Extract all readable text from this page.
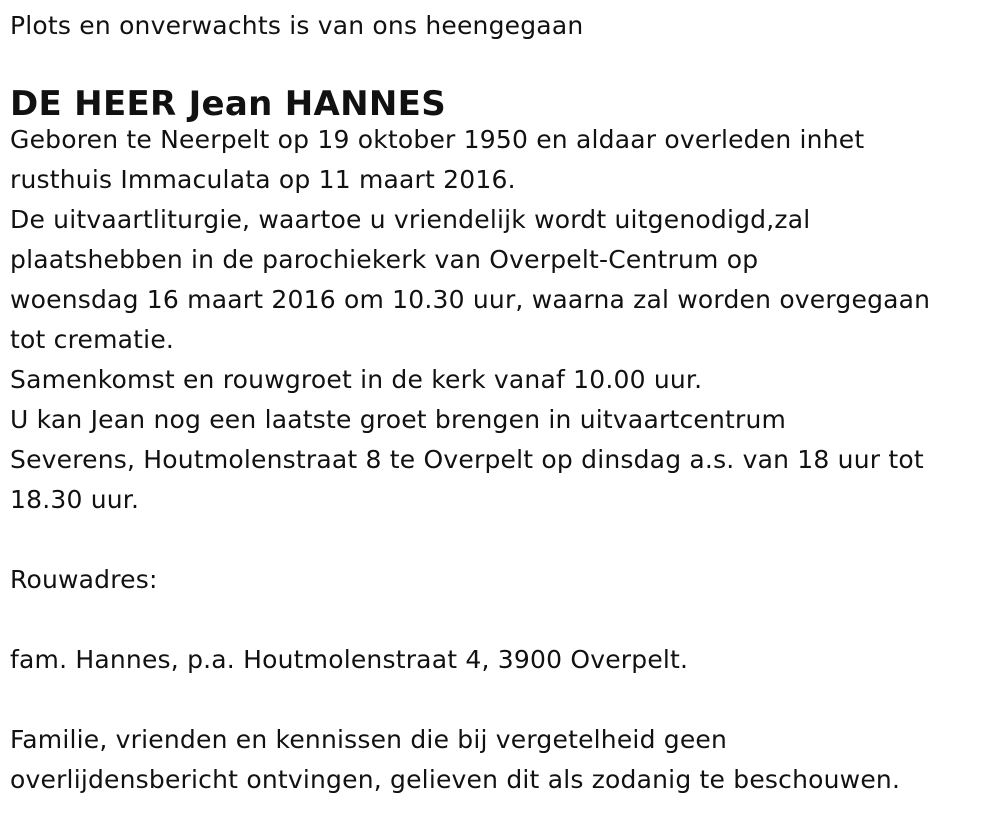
Plots en onverwachts is van ons heengegaan
DE HEER Jean HANNES
Geboren te Neerpelt op 19 oktober 1950 en aldaar overleden inhet
rusthuis Immaculata op 11 maart 2016.
De uitvaartliturgie, waartoe u vriendelijk wordt uitgenodigd,zal
plaatshebben in de parochiekerk van Overpelt-Centrum op
woensdag 16 maart 2016 om 10.30 uur, waarna zal worden overgegaan
tot crematie.
Samenkomst en rouwgroet in de kerk vanaf 10.00 uur.
U kan Jean nog een laatste groet brengen in uitvaartcentrum
Severens, Houtmolenstraat 8 te Overpelt op dinsdag a.s. van 18 uur tot
18.30 uur.
Rouwadres:
fam. Hannes, p.a. Houtmolenstraat 4, 3900 Overpelt.
Familie, vrienden en kennissen die bij vergetelheid geen
overlijdensbericht ontvingen, gelieven dit als zodanig te beschouwen.
